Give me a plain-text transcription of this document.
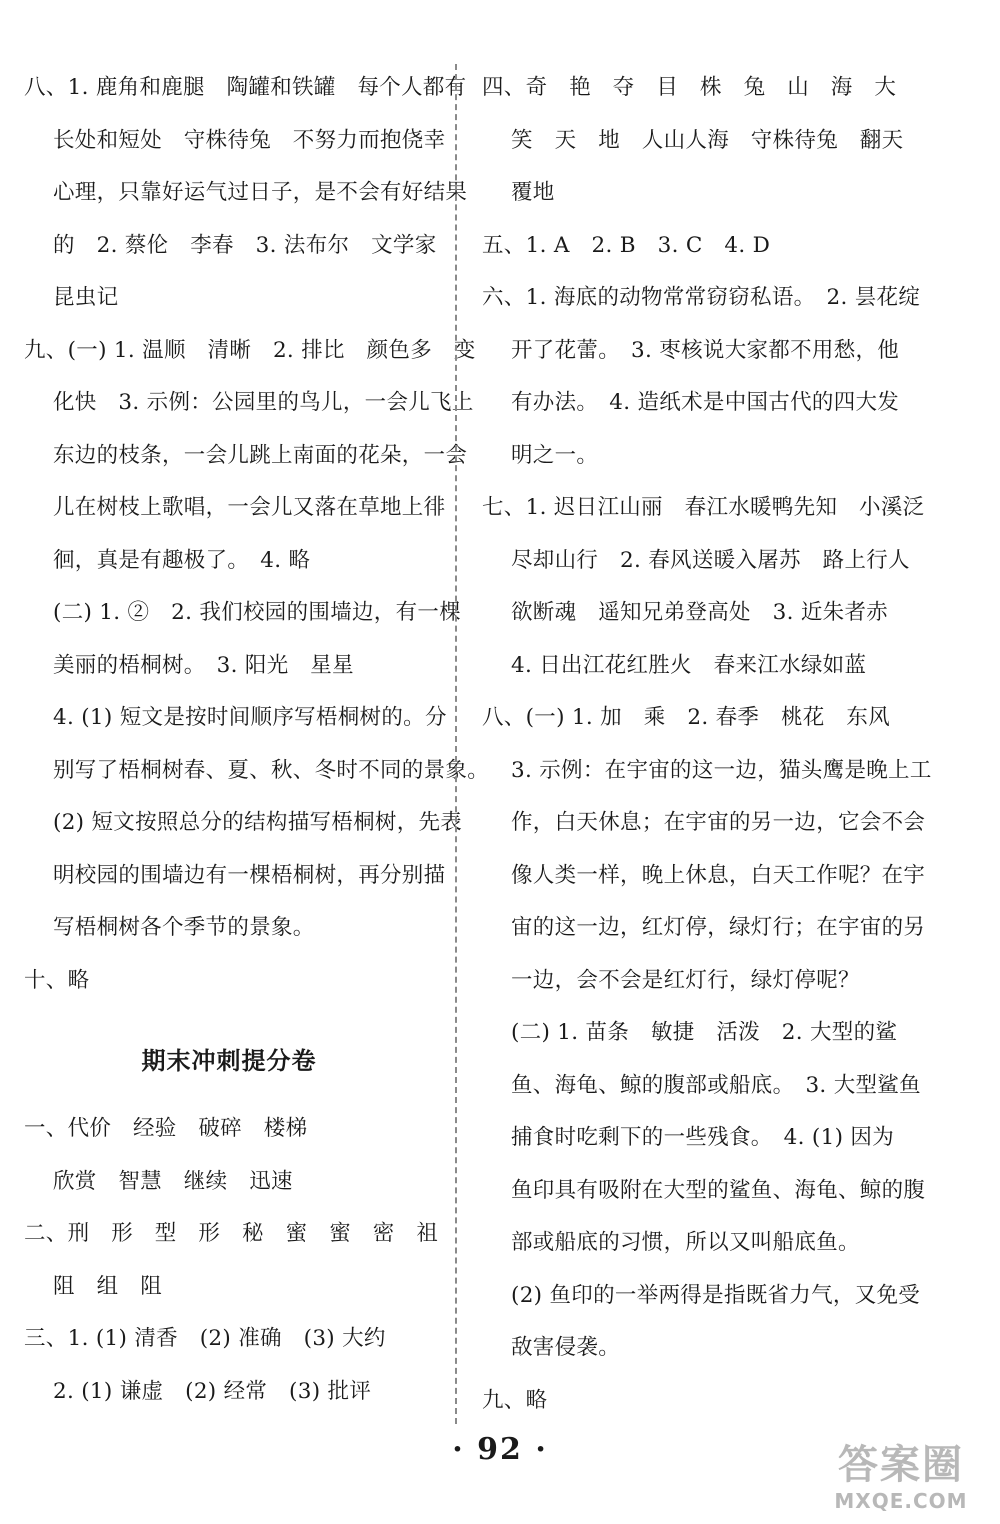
八、1. 鹿角和鹿腿　陶罐和铁罐　每个人都有
长处和短处　守株待兔　不努力而抱侥幸
心理，只靠好运气过日子，是不会有好结果
的　2. 蔡伦　李春　3. 法布尔　文学家
昆虫记
九、(一) 1. 温顺　清晰　2. 排比　颜色多　变
化快　3. 示例：公园里的鸟儿，一会儿飞上
东边的枝条，一会儿跳上南面的花朵，一会
儿在树枝上歌唱，一会儿又落在草地上徘
徊，真是有趣极了。　4. 略
(二) 1. ②　2. 我们校园的围墙边，有一棵
美丽的梧桐树。　3. 阳光　星星
4. (1) 短文是按时间顺序写梧桐树的。分
别写了梧桐树春、夏、秋、冬时不同的景象。
(2) 短文按照总分的结构描写梧桐树，先表
明校园的围墙边有一棵梧桐树，再分别描
写梧桐树各个季节的景象。
十、略
期末冲刺提分卷
一、代价　经验　破碎　楼梯
欣赏　智慧　继续　迅速
二、刑　形　型　形　秘　蜜　蜜　密　祖
阻　组　阻
三、1. (1) 清香　(2) 准确　(3) 大约
2. (1) 谦虚　(2) 经常　(3) 批评
四、奇　艳　夺　目　株　兔　山　海　大
笑　天　地　人山人海　守株待兔　翻天
覆地
五、1. A　2. B　3. C　4. D
六、1. 海底的动物常常窃窃私语。　2. 昙花绽
开了花蕾。　3. 枣核说大家都不用愁，他
有办法。　4. 造纸术是中国古代的四大发
明之一。
七、1. 迟日江山丽　春江水暖鸭先知　小溪泛
尽却山行　2. 春风送暖入屠苏　路上行人
欲断魂　遥知兄弟登高处　3. 近朱者赤
4. 日出江花红胜火　春来江水绿如蓝
八、(一) 1. 加　乘　2. 春季　桃花　东风
3. 示例：在宇宙的这一边，猫头鹰是晚上工
作，白天休息；在宇宙的另一边，它会不会
像人类一样，晚上休息，白天工作呢？在宇
宙的这一边，红灯停，绿灯行；在宇宙的另
一边，会不会是红灯行，绿灯停呢？
(二) 1. 苗条　敏捷　活泼　2. 大型的鲨
鱼、海龟、鲸的腹部或船底。　3. 大型鲨鱼
捕食时吃剩下的一些残食。　4. (1) 因为
鱼印具有吸附在大型的鲨鱼、海龟、鲸的腹
部或船底的习惯，所以又叫船底鱼。
(2) 鱼印的一举两得是指既省力气，又免受
敌害侵袭。
九、略
· 92 ·	答案圈
MXQE.COM
